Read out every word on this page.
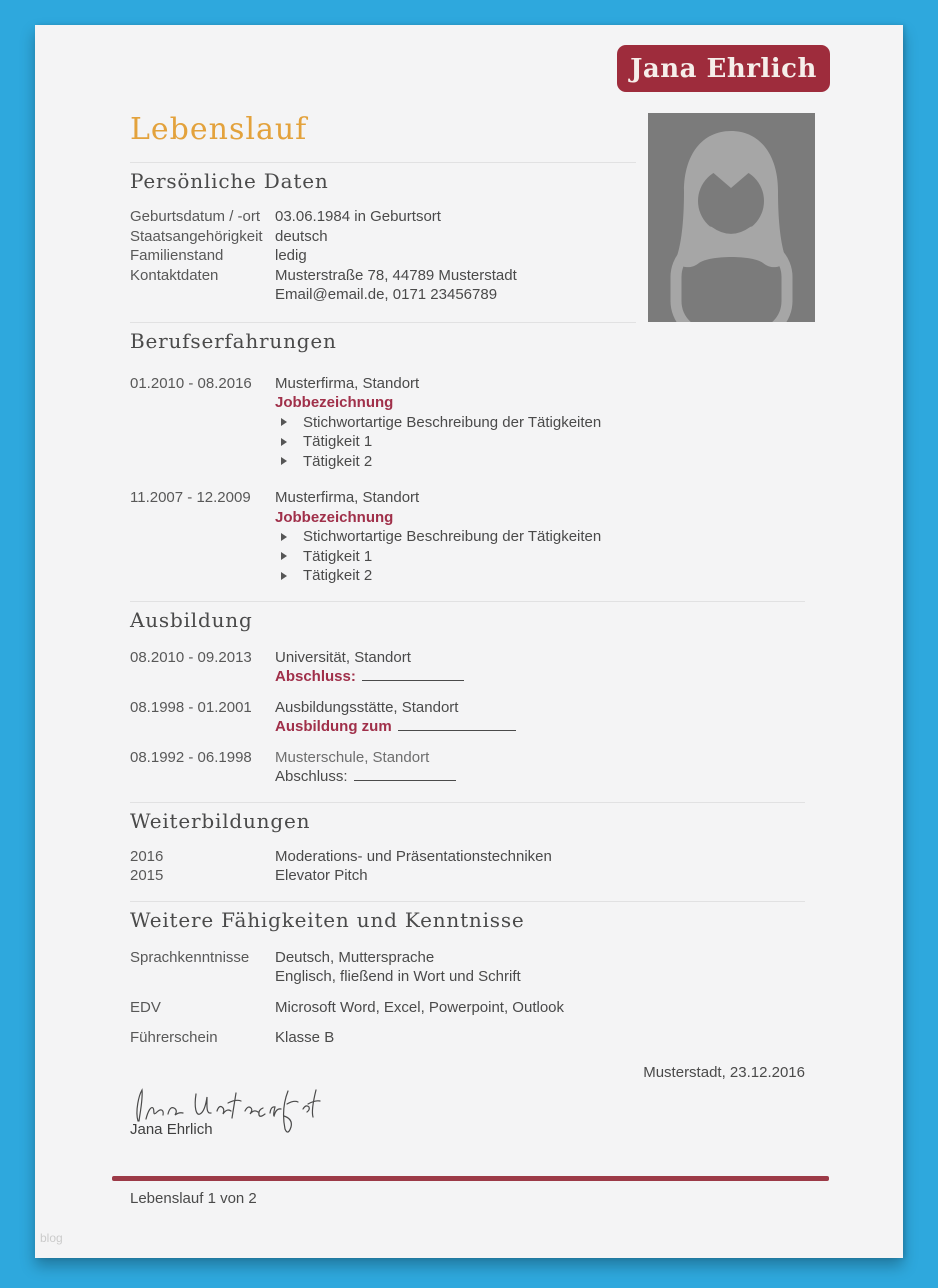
Jana Ehrlich
Lebenslauf
Persönliche Daten
Geburtsdatum / -ort 03.06.1984 in Geburtsort
Staatsangehörigkeit deutsch
Familienstand	ledig
Kontaktdaten	Musterstraße 78, 44789 Musterstadt
Email@email.de, 0171 23456789
Berufserfahrungen
01.2010 - 08.2016	Musterfirma, Standort
Jobbezeichnung
Stichwortartige Beschreibung der Tätigkeiten
Tätigkeit 1
Tätigkeit 2
11.2007 - 12.2009	Musterfirma, Standort
Jobbezeichnung
Stichwortartige Beschreibung der Tätigkeiten
Tätigkeit 1
Tätigkeit 2
Ausbildung
08.2010 - 09.2013	Universität, Standort
Abschluss:
08.1998 - 01.2001	Ausbildungsstätte, Standort
Ausbildung zum
08.1992 - 06.1998	Musterschule, Standort
Abschluss:
Weiterbildungen
2016	Moderations- und Präsentationstechniken
2015	Elevator Pitch
Weitere Fähigkeiten und Kenntnisse
Sprachkenntnisse	Deutsch, Muttersprache
Englisch, fließend in Wort und Schrift
EDV	Microsoft Word, Excel, Powerpoint, Outlook
Führerschein	Klasse B
Musterstadt, 23.12.2016
Jana Ehrlich
Lebenslauf 1 von 2
blog
